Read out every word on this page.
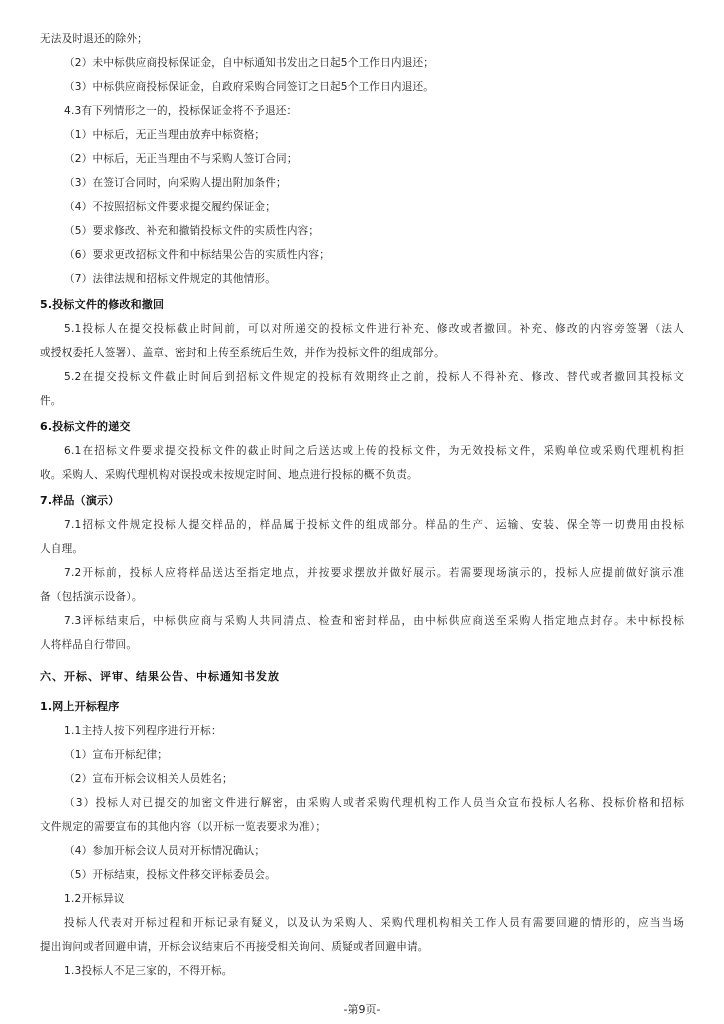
无法及时退还的除外；
（2）未中标供应商投标保证金，自中标通知书发出之日起5个工作日内退还；
（3）中标供应商投标保证金，自政府采购合同签订之日起5个工作日内退还。
4.3有下列情形之一的，投标保证金将不予退还：
（1）中标后，无正当理由放弃中标资格；
（2）中标后，无正当理由不与采购人签订合同；
（3）在签订合同时，向采购人提出附加条件；
（4）不按照招标文件要求提交履约保证金；
（5）要求修改、补充和撤销投标文件的实质性内容；
（6）要求更改招标文件和中标结果公告的实质性内容；
（7）法律法规和招标文件规定的其他情形。
5.投标文件的修改和撤回
5.1投标人在提交投标截止时间前，可以对所递交的投标文件进行补充、修改或者撤回。补充、修改的内容旁签署（法人
或授权委托人签署）、盖章、密封和上传至系统后生效，并作为投标文件的组成部分。
5.2在提交投标文件截止时间后到招标文件规定的投标有效期终止之前，投标人不得补充、修改、替代或者撤回其投标文
件。
6.投标文件的递交
6.1在招标文件要求提交投标文件的截止时间之后送达或上传的投标文件，为无效投标文件，采购单位或采购代理机构拒
收。采购人、采购代理机构对误投或未按规定时间、地点进行投标的概不负责。
7.样品（演示）
7.1招标文件规定投标人提交样品的，样品属于投标文件的组成部分。样品的生产、运输、安装、保全等一切费用由投标
人自理。
7.2开标前，投标人应将样品送达至指定地点，并按要求摆放并做好展示。若需要现场演示的，投标人应提前做好演示准
备（包括演示设备）。
7.3评标结束后，中标供应商与采购人共同清点、检查和密封样品，由中标供应商送至采购人指定地点封存。未中标投标
人将样品自行带回。
六、开标、评审、结果公告、中标通知书发放
1.网上开标程序
1.1主持人按下列程序进行开标：
（1）宣布开标纪律；
（2）宣布开标会议相关人员姓名；
（3）投标人对已提交的加密文件进行解密，由采购人或者采购代理机构工作人员当众宣布投标人名称、投标价格和招标
文件规定的需要宣布的其他内容（以开标一览表要求为准）；
（4）参加开标会议人员对开标情况确认；
（5）开标结束，投标文件移交评标委员会。
1.2开标异议
投标人代表对开标过程和开标记录有疑义，以及认为采购人、采购代理机构相关工作人员有需要回避的情形的，应当当场
提出询问或者回避申请，开标会议结束后不再接受相关询问、质疑或者回避申请。
1.3投标人不足三家的，不得开标。
-第9页-
